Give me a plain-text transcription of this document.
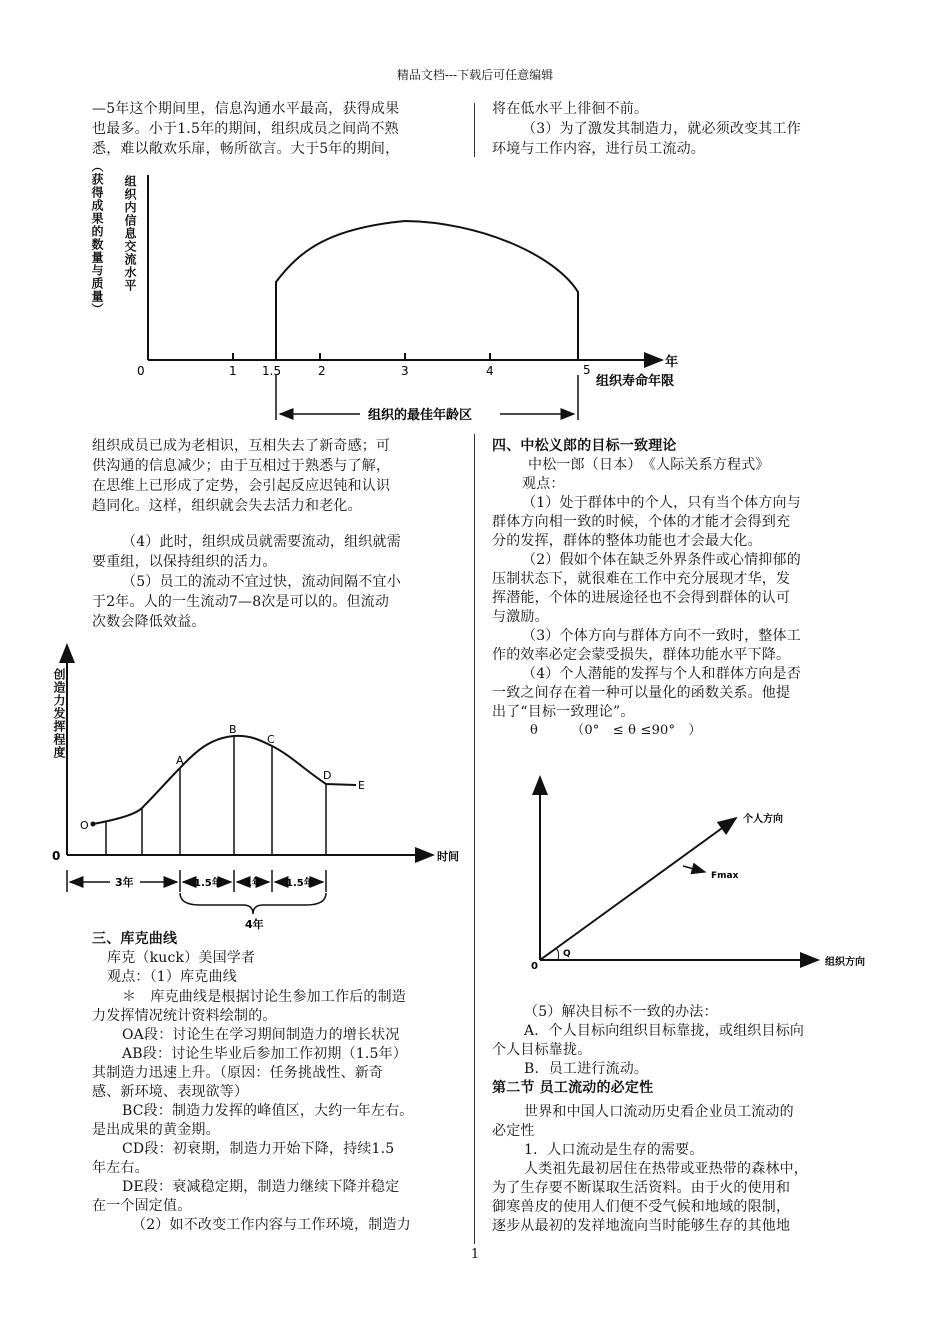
精品文档---下载后可任意编辑
1

—5年这个期间里，信息沟通水平最高，获得成果

也最多。小于1.5年的期间，组织成员之间尚不熟

悉，难以敞欢乐扉，畅所欲言。大于5年的期间，

将在低水平上徘徊不前。

（3）为了激发其制造力，就必须改变其工作

环境与工作内容，进行员工流动。

（获得成果的数量与质量） 组织内信息交流水平
0	1 1.5	2	3	4	5	年
组织寿命年限
组织的最佳年龄区

组织成员已成为老相识，互相失去了新奇感；可

供沟通的信息减少；由于互相过于熟悉与了解，

在思维上已形成了定势，会引起反应迟钝和认识

趋同化。这样，组织就会失去活力和老化。

（4）此时，组织成员就需要流动，组织就需

要重组，以保持组织的活力。

（5）员工的流动不宜过快，流动间隔不宜小

于2年。人的一生流动7—8次是可以的。但流动

次数会降低效益。

创造力发挥程度
0	时间
O
A
B
C
D
E
3年	1.5年 1年 1.5年
4年

三、库克曲线

库克（kuck）美国学者

观点：（1）库克曲线

＊　库克曲线是根据讨论生参加工作后的制造

力发挥情况统计资料绘制的。

OA段：讨论生在学习期间制造力的增长状况

AB段：讨论生毕业后参加工作初期（1.5年）

其制造力迅速上升。（原因：任务挑战性、新奇

感、新环境、表现欲等）

BC段：制造力发挥的峰值区，大约一年左右。

是出成果的黄金期。

CD段：初衰期，制造力开始下降，持续1.5

年左右。

DE段：衰减稳定期，制造力继续下降并稳定

在一个固定值。

（2）如不改变工作内容与工作环境，制造力

四、中松义郎的目标一致理论

中松一郎（日本）　《人际关系方程式》

观点：

（1）处于群体中的个人，只有当个体方向与

群体方向相一致的时候，个体的才能才会得到充

分的发挥，群体的整体功能也才会最大化。

（2）假如个体在缺乏外界条件或心情抑郁的

压制状态下，就很难在工作中充分展现才华，发

挥潜能，个体的进展途径也不会得到群体的认可

与激励。

（3）个体方向与群体方向不一致时，整体工

作的效率必定会蒙受损失，群体功能水平下降。

（4）个人潜能的发挥与个人和群体方向是否

一致之间存在着一种可以量化的函数关系。他提

出了“目标一致理论”。

θ　　　（0°　≤ θ ≤90°　）

个人方向
Fmax
Q
0	组织方向

（5）解决目标不一致的办法：

A．个人目标向组织目标靠拢，或组织目标向

个人目标靠拢。

B．员工进行流动。

第二节 员工流动的必定性

世界和中国人口流动历史看企业员工流动的

必定性

1．人口流动是生存的需要。

人类祖先最初居住在热带或亚热带的森林中，

为了生存要不断谋取生活资料。由于火的使用和

御寒兽皮的使用人们便不受气候和地域的限制，

逐步从最初的发祥地流向当时能够生存的其他地
